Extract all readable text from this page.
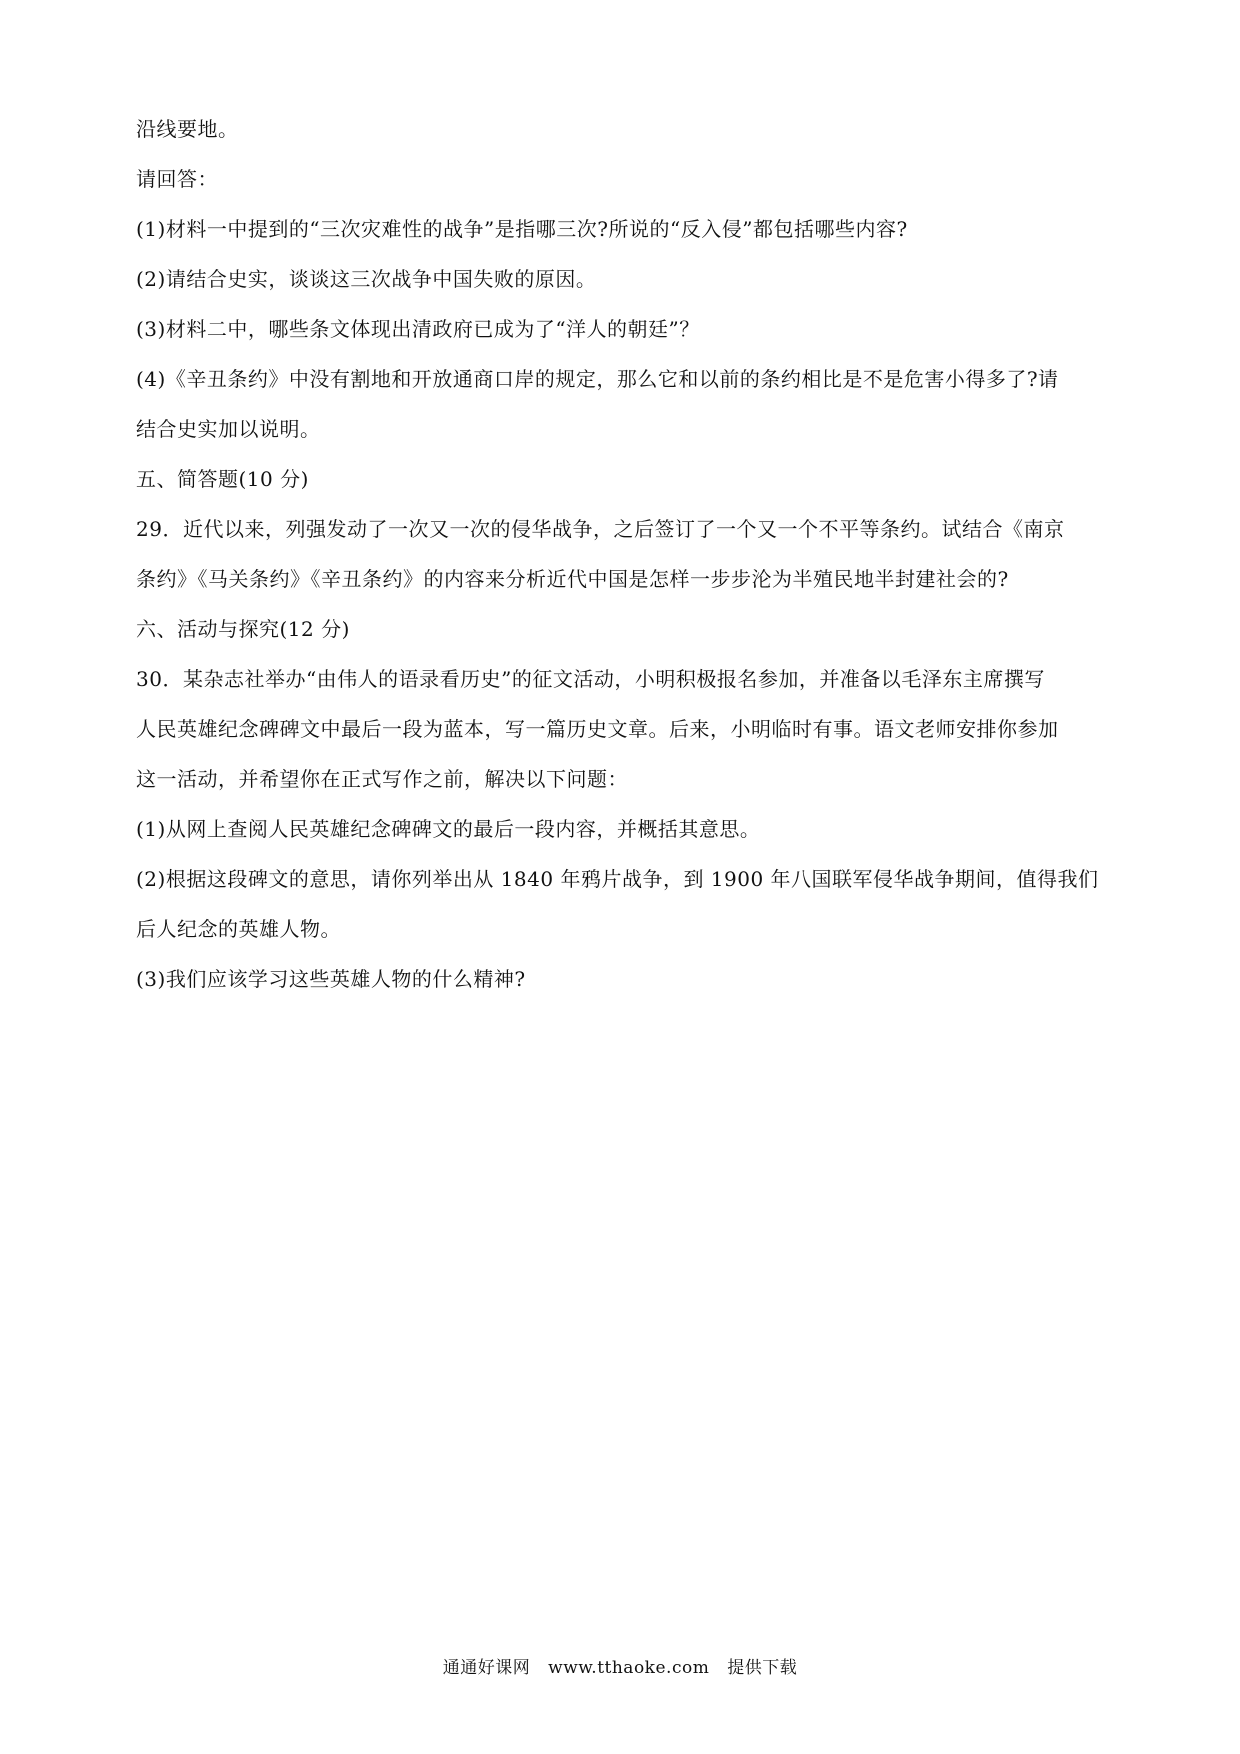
沿线要地。
请回答：
(1)材料一中提到的“三次灾难性的战争”是指哪三次?所说的“反入侵”都包括哪些内容?
(2)请结合史实，谈谈这三次战争中国失败的原因。
(3)材料二中，哪些条文体现出清政府已成为了“洋人的朝廷”？
(4)《辛丑条约》中没有割地和开放通商口岸的规定，那么它和以前的条约相比是不是危害小得多了?请
结合史实加以说明。
五、简答题(10 分)
29．近代以来，列强发动了一次又一次的侵华战争，之后签订了一个又一个不平等条约。试结合《南京
条约》《马关条约》《辛丑条约》的内容来分析近代中国是怎样一步步沦为半殖民地半封建社会的?
六、活动与探究(12 分)
30．某杂志社举办“由伟人的语录看历史”的征文活动，小明积极报名参加，并准备以毛泽东主席撰写
人民英雄纪念碑碑文中最后一段为蓝本，写一篇历史文章。后来，小明临时有事。语文老师安排你参加
这一活动，并希望你在正式写作之前，解决以下问题：
(1)从网上查阅人民英雄纪念碑碑文的最后一段内容，并概括其意思。
(2)根据这段碑文的意思，请你列举出从 1840 年鸦片战争，到 1900 年八国联军侵华战争期间，值得我们
后人纪念的英雄人物。
(3)我们应该学习这些英雄人物的什么精神?
通通好课网 www.tthaoke.com 提供下载
